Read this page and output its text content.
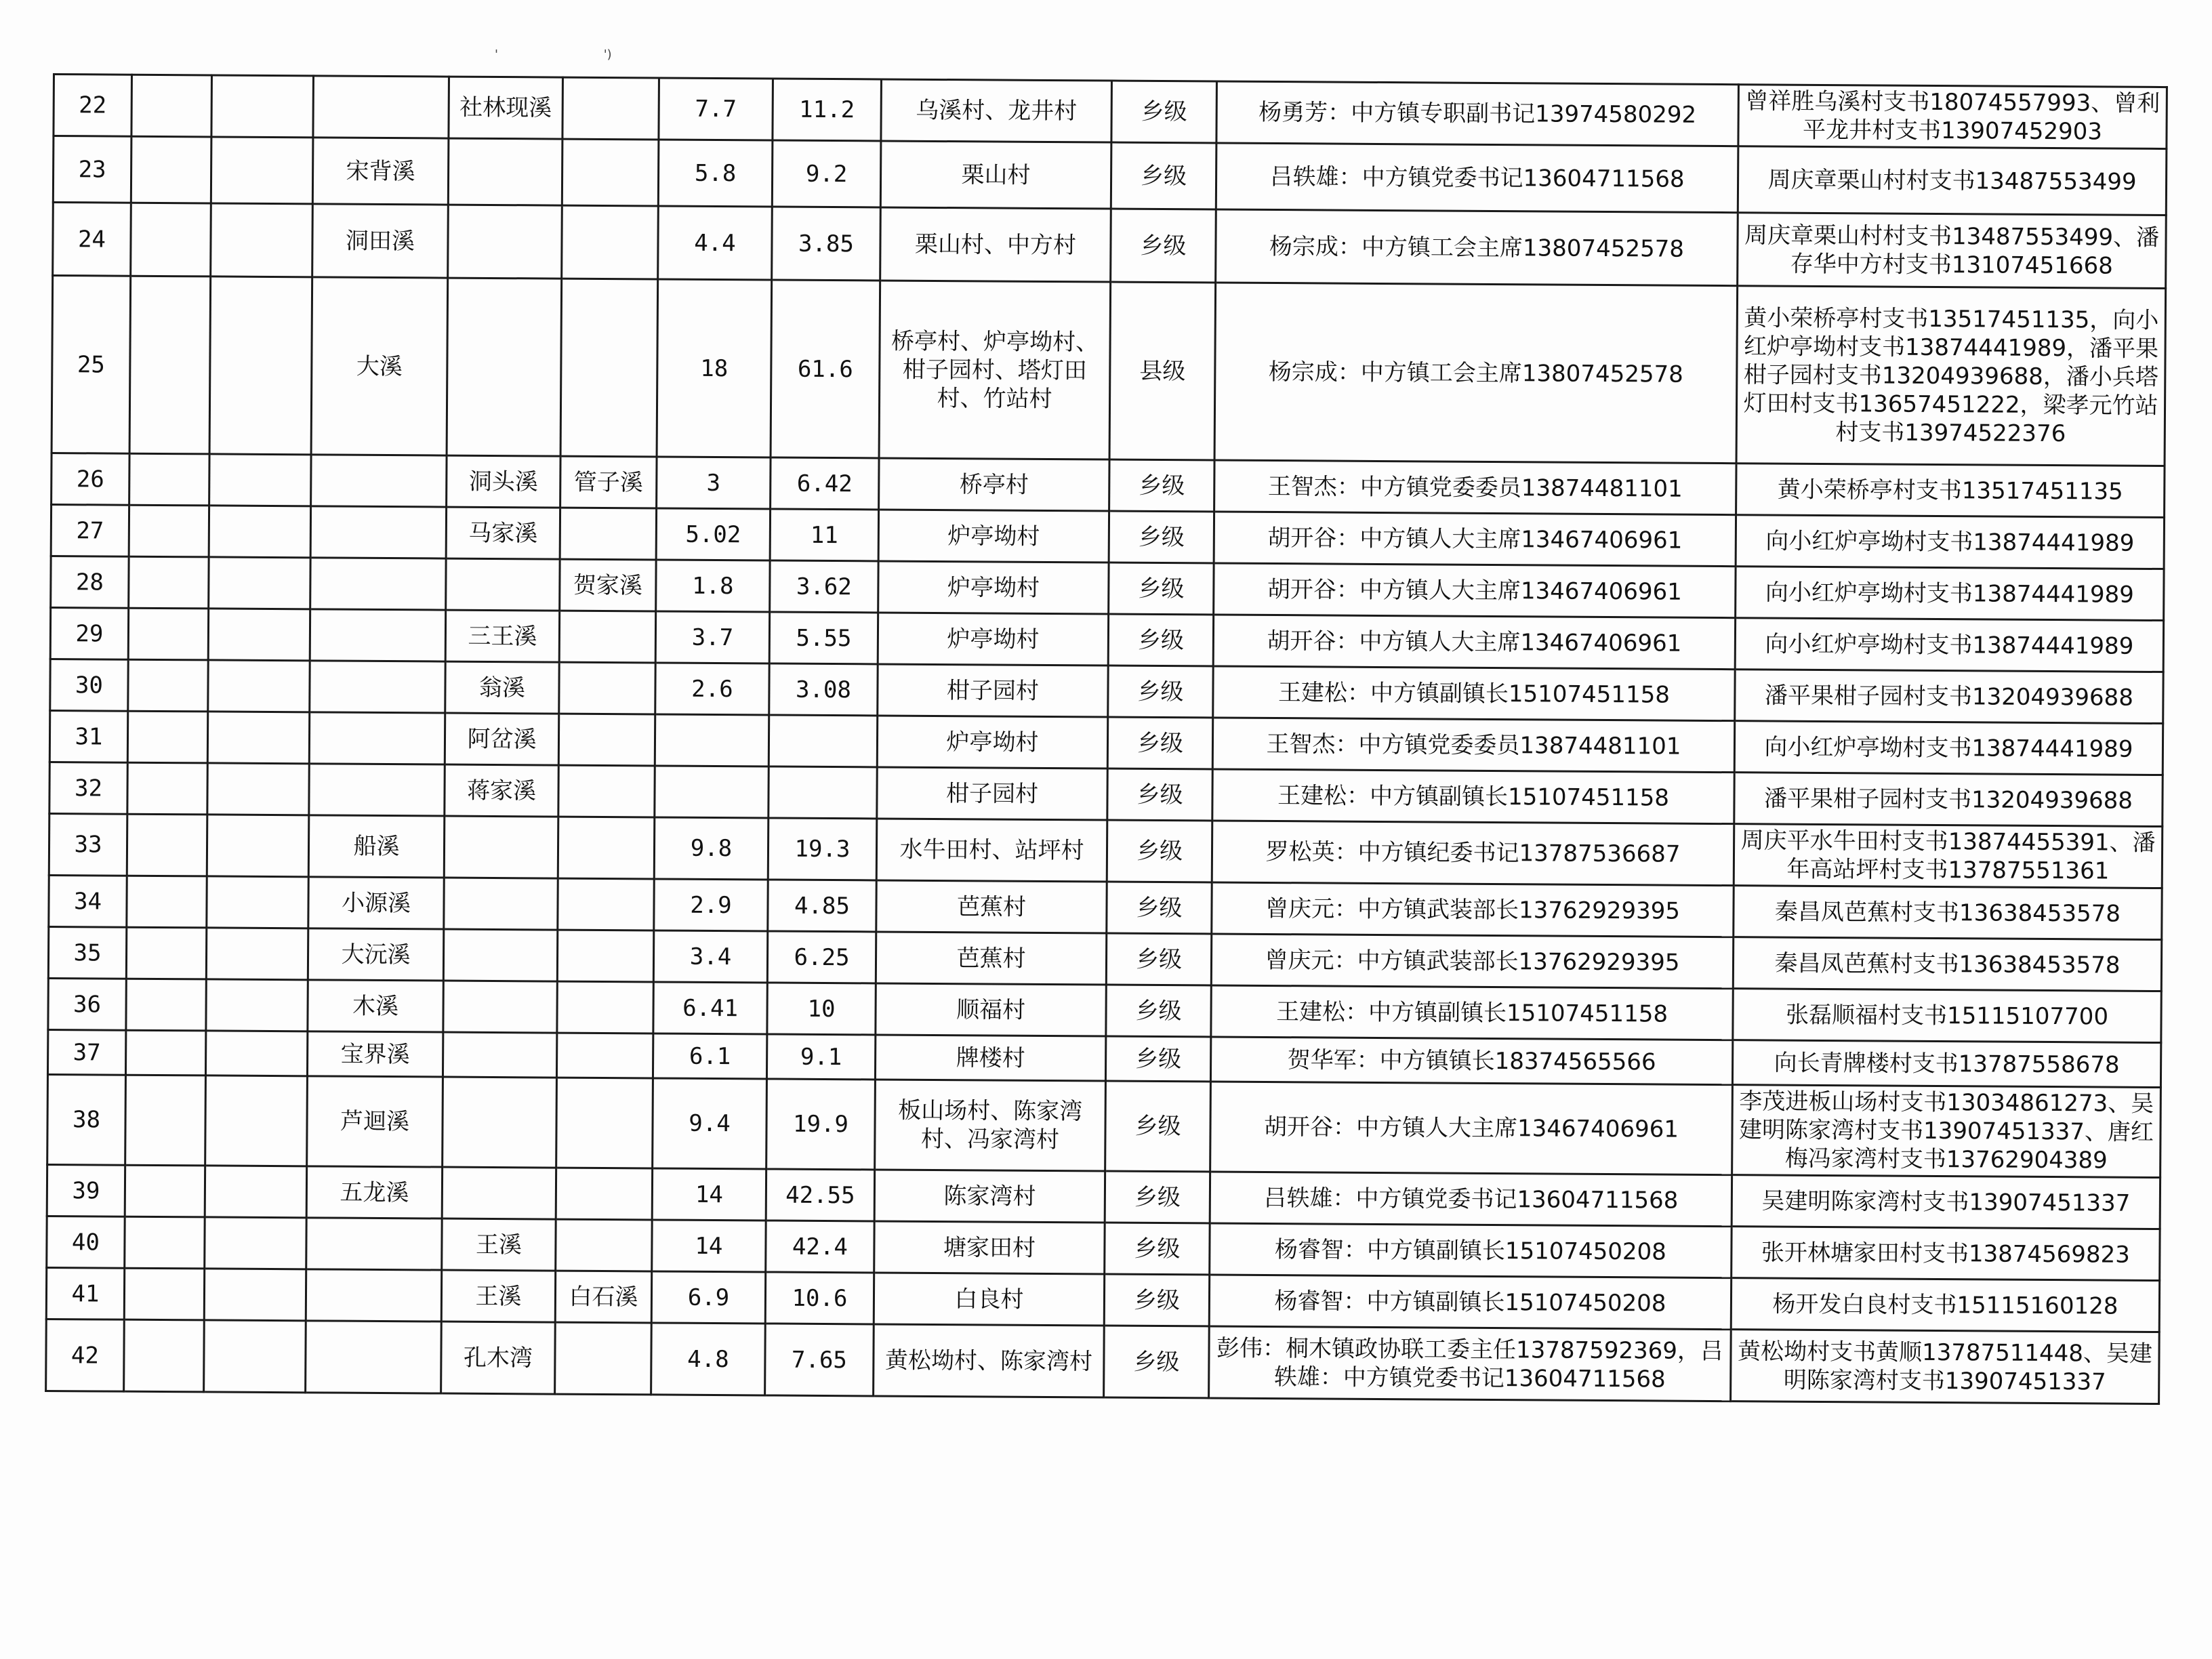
'	')
22				社林现溪		7.7	11.2	乌溪村、龙井村	乡级	杨勇芳：中方镇专职副书记13974580292	曾祥胜乌溪村支书18074557993、曾利平龙井村支书13907452903
23			宋背溪			5.8	9.2	栗山村	乡级	吕轶雄：中方镇党委书记13604711568	周庆章栗山村村支书13487553499
24			洞田溪			4.4	3.85	栗山村、中方村	乡级	杨宗成：中方镇工会主席13807452578	周庆章栗山村村支书13487553499、潘存华中方村支书13107451668
25			大溪			18	61.6	桥亭村、炉亭坳村、柑子园村、塔灯田村、竹站村	县级	杨宗成：中方镇工会主席13807452578	黄小荣桥亭村支书13517451135，向小红炉亭坳村支书13874441989，潘平果柑子园村支书13204939688，潘小兵塔灯田村支书13657451222，梁孝元竹站村支书13974522376
26				洞头溪	管子溪	3	6.42	桥亭村	乡级	王智杰：中方镇党委委员13874481101	黄小荣桥亭村支书13517451135
27				马家溪		5.02	11	炉亭坳村	乡级	胡开谷：中方镇人大主席13467406961	向小红炉亭坳村支书13874441989
28					贺家溪	1.8	3.62	炉亭坳村	乡级	胡开谷：中方镇人大主席13467406961	向小红炉亭坳村支书13874441989
29				三王溪		3.7	5.55	炉亭坳村	乡级	胡开谷：中方镇人大主席13467406961	向小红炉亭坳村支书13874441989
30				翁溪		2.6	3.08	柑子园村	乡级	王建松：中方镇副镇长15107451158	潘平果柑子园村支书13204939688
31				阿岔溪				炉亭坳村	乡级	王智杰：中方镇党委委员13874481101	向小红炉亭坳村支书13874441989
32				蒋家溪				柑子园村	乡级	王建松：中方镇副镇长15107451158	潘平果柑子园村支书13204939688
33			船溪			9.8	19.3	水牛田村、站坪村	乡级	罗松英：中方镇纪委书记13787536687	周庆平水牛田村支书13874455391、潘年高站坪村支书13787551361
34			小源溪			2.9	4.85	芭蕉村	乡级	曾庆元：中方镇武装部长13762929395	秦昌凤芭蕉村支书13638453578
35			大沅溪			3.4	6.25	芭蕉村	乡级	曾庆元：中方镇武装部长13762929395	秦昌凤芭蕉村支书13638453578
36			木溪			6.41	10	顺福村	乡级	王建松：中方镇副镇长15107451158	张磊顺福村支书15115107700
37			宝界溪			6.1	9.1	牌楼村	乡级	贺华军：中方镇镇长18374565566	向长青牌楼村支书13787558678
38			芦迴溪			9.4	19.9	板山场村、陈家湾村、冯家湾村	乡级	胡开谷：中方镇人大主席13467406961	李茂进板山场村支书13034861273、吴建明陈家湾村支书13907451337、唐红梅冯家湾村支书13762904389
39			五龙溪			14	42.55	陈家湾村	乡级	吕轶雄：中方镇党委书记13604711568	吴建明陈家湾村支书13907451337
40				王溪		14	42.4	塘家田村	乡级	杨睿智：中方镇副镇长15107450208	张开林塘家田村支书13874569823
41				王溪	白石溪	6.9	10.6	白良村	乡级	杨睿智：中方镇副镇长15107450208	杨开发白良村支书15115160128
42				孔木湾		4.8	7.65	黄松坳村、陈家湾村	乡级	彭伟：桐木镇政协联工委主任13787592369，吕轶雄：中方镇党委书记13604711568	黄松坳村支书黄顺13787511448、吴建明陈家湾村支书13907451337
